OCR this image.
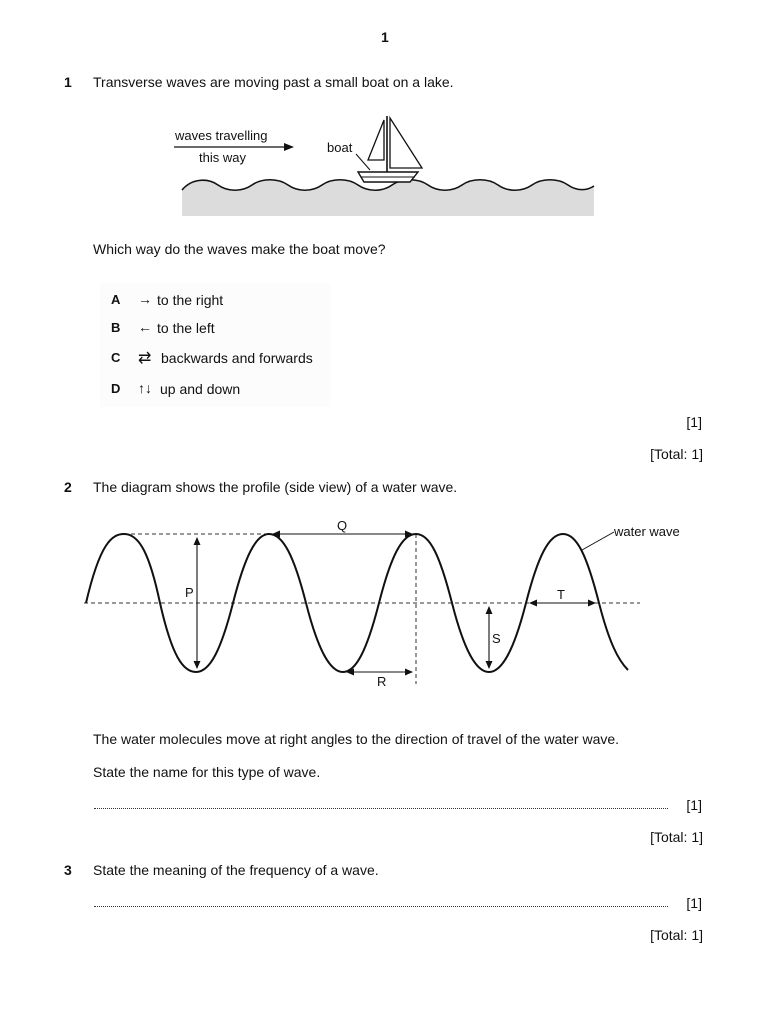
1
1 Transverse waves are moving past a small boat on a lake.
waves travelling
this way
boat
Which way do the waves make the boat move?
A → to the right
B ← to the left
C ⇄ backwards and forwards
D ↑↓ up and down
[1]
[Total: 1]
2 The diagram shows the profile (side view) of a water wave.
Q
P
R
S
T
water wave
The water molecules move at right angles to the direction of travel of the water wave.
State the name for this type of wave.
[1]
[Total: 1]
3 State the meaning of the frequency of a wave.
[1]
[Total: 1]
